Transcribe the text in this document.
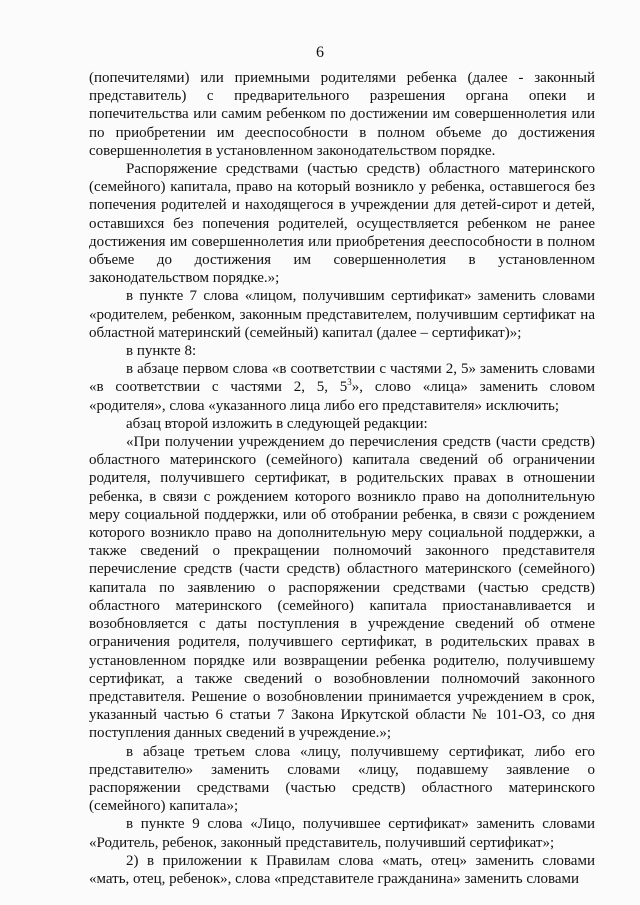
6

(попечителями) или приемными родителями ребенка (далее - законный представитель) с предварительного разрешения органа опеки и попечительства или самим ребенком по достижении им совершеннолетия или по приобретении им дееспособности в полном объеме до достижения совершеннолетия в установленном законодательством порядке.

Распоряжение средствами (частью средств) областного материнского (семейного) капитала, право на который возникло у ребенка, оставшегося без попечения родителей и находящегося в учреждении для детей-сирот и детей, оставшихся без попечения родителей, осуществляется ребенком не ранее достижения им совершеннолетия или приобретения дееспособности в полном объеме до достижения им совершеннолетия в установленном законодательством порядке.»;

в пункте 7 слова «лицом, получившим сертификат» заменить словами «родителем, ребенком, законным представителем, получившим сертификат на областной материнский (семейный) капитал (далее – сертификат)»;

в пункте 8:

в абзаце первом слова «в соответствии с частями 2, 5» заменить словами «в соответствии с частями 2, 5, $5^3$», слово «лица» заменить словом «родителя», слова «указанного лица либо его представителя» исключить;

абзац второй изложить в следующей редакции:

«При получении учреждением до перечисления средств (части средств) областного материнского (семейного) капитала сведений об ограничении родителя, получившего сертификат, в родительских правах в отношении ребенка, в связи с рождением которого возникло право на дополнительную меру социальной поддержки, или об отобрании ребенка, в связи с рождением которого возникло право на дополнительную меру социальной поддержки, а также сведений о прекращении полномочий законного представителя перечисление средств (части средств) областного материнского (семейного) капитала по заявлению о распоряжении средствами (частью средств) областного материнского (семейного) капитала приостанавливается и возобновляется с даты поступления в учреждение сведений об отмене ограничения родителя, получившего сертификат, в родительских правах в установленном порядке или возвращении ребенка родителю, получившему сертификат, а также сведений о возобновлении полномочий законного представителя. Решение о возобновлении принимается учреждением в срок, указанный частью 6 статьи 7 Закона Иркутской области № 101-ОЗ, со дня поступления данных сведений в учреждение.»;

в абзаце третьем слова «лицу, получившему сертификат, либо его представителю» заменить словами «лицу, подавшему заявление о распоряжении средствами (частью средств) областного материнского (семейного) капитала»;

в пункте 9 слова «Лицо, получившее сертификат» заменить словами «Родитель, ребенок, законный представитель, получивший сертификат»;

2) в приложении к Правилам слова «мать, отец» заменить словами «мать, отец, ребенок», слова «представителе гражданина» заменить словами
